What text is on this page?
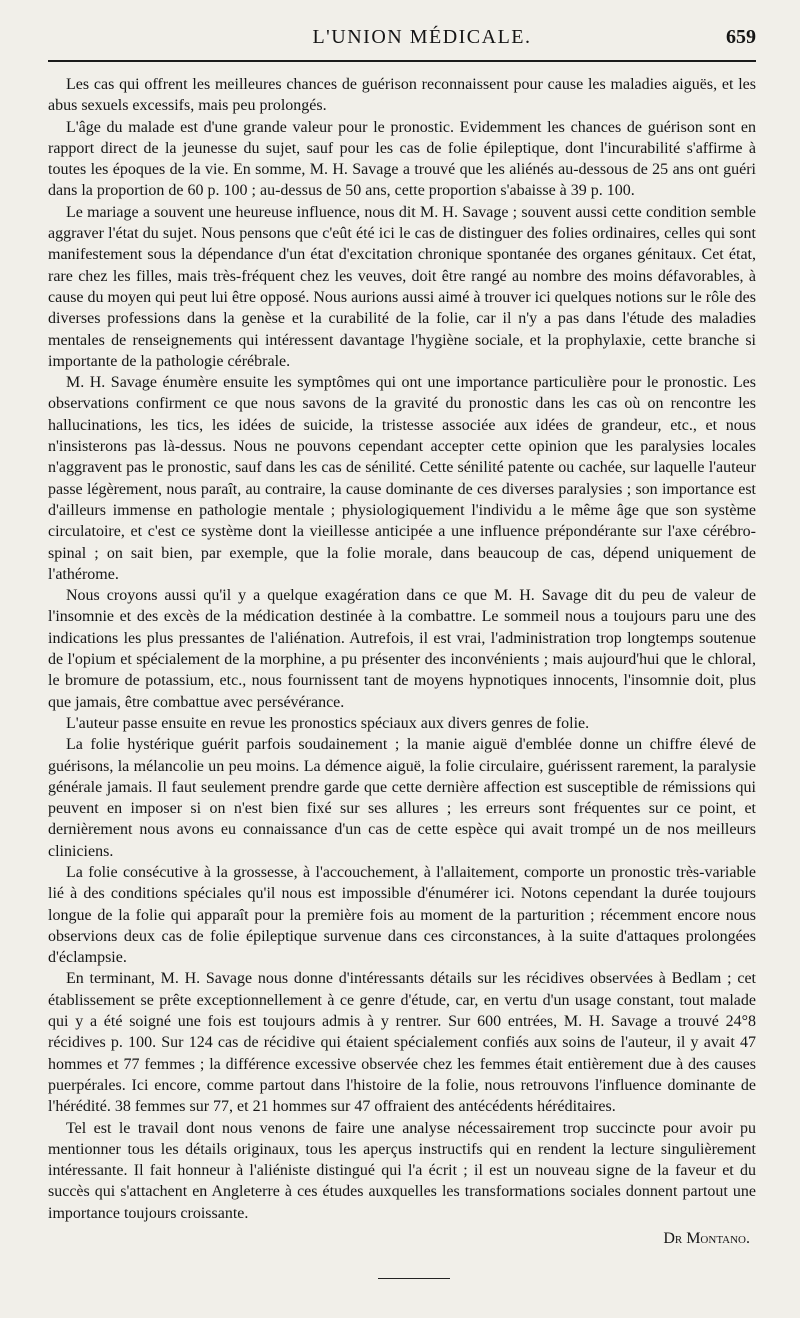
L'UNION MÉDICALE.	659

Les cas qui offrent les meilleures chances de guérison reconnaissent pour cause les maladies aiguës, et les abus sexuels excessifs, mais peu prolongés.

L'âge du malade est d'une grande valeur pour le pronostic. Evidemment les chances de guérison sont en rapport direct de la jeunesse du sujet, sauf pour les cas de folie épileptique, dont l'incurabilité s'affirme à toutes les époques de la vie. En somme, M. H. Savage a trouvé que les aliénés au-dessous de 25 ans ont guéri dans la proportion de 60 p. 100 ; au-dessus de 50 ans, cette proportion s'abaisse à 39 p. 100.

Le mariage a souvent une heureuse influence, nous dit M. H. Savage ; souvent aussi cette condition semble aggraver l'état du sujet. Nous pensons que c'eût été ici le cas de distinguer des folies ordinaires, celles qui sont manifestement sous la dépendance d'un état d'excitation chronique spontanée des organes génitaux. Cet état, rare chez les filles, mais très-fréquent chez les veuves, doit être rangé au nombre des moins défavorables, à cause du moyen qui peut lui être opposé. Nous aurions aussi aimé à trouver ici quelques notions sur le rôle des diverses professions dans la genèse et la curabilité de la folie, car il n'y a pas dans l'étude des maladies mentales de renseignements qui intéressent davantage l'hygiène sociale, et la prophylaxie, cette branche si importante de la pathologie cérébrale.

M. H. Savage énumère ensuite les symptômes qui ont une importance particulière pour le pronostic. Les observations confirment ce que nous savons de la gravité du pronostic dans les cas où on rencontre les hallucinations, les tics, les idées de suicide, la tristesse associée aux idées de grandeur, etc., et nous n'insisterons pas là-dessus. Nous ne pouvons cependant accepter cette opinion que les paralysies locales n'aggravent pas le pronostic, sauf dans les cas de sénilité. Cette sénilité patente ou cachée, sur laquelle l'auteur passe légèrement, nous paraît, au contraire, la cause dominante de ces diverses paralysies ; son importance est d'ailleurs immense en pathologie mentale ; physiologiquement l'individu a le même âge que son système circulatoire, et c'est ce système dont la vieillesse anticipée a une influence prépondérante sur l'axe cérébro-spinal ; on sait bien, par exemple, que la folie morale, dans beaucoup de cas, dépend uniquement de l'athérome.

Nous croyons aussi qu'il y a quelque exagération dans ce que M. H. Savage dit du peu de valeur de l'insomnie et des excès de la médication destinée à la combattre. Le sommeil nous a toujours paru une des indications les plus pressantes de l'aliénation. Autrefois, il est vrai, l'administration trop longtemps soutenue de l'opium et spécialement de la morphine, a pu présenter des inconvénients ; mais aujourd'hui que le chloral, le bromure de potassium, etc., nous fournissent tant de moyens hypnotiques innocents, l'insomnie doit, plus que jamais, être combattue avec persévérance.

L'auteur passe ensuite en revue les pronostics spéciaux aux divers genres de folie.

La folie hystérique guérit parfois soudainement ; la manie aiguë d'emblée donne un chiffre élevé de guérisons, la mélancolie un peu moins. La démence aiguë, la folie circulaire, guérissent rarement, la paralysie générale jamais. Il faut seulement prendre garde que cette dernière affection est susceptible de rémissions qui peuvent en imposer si on n'est bien fixé sur ses allures ; les erreurs sont fréquentes sur ce point, et dernièrement nous avons eu connaissance d'un cas de cette espèce qui avait trompé un de nos meilleurs cliniciens.

La folie consécutive à la grossesse, à l'accouchement, à l'allaitement, comporte un pronostic très-variable lié à des conditions spéciales qu'il nous est impossible d'énumérer ici. Notons cependant la durée toujours longue de la folie qui apparaît pour la première fois au moment de la parturition ; récemment encore nous observions deux cas de folie épileptique survenue dans ces circonstances, à la suite d'attaques prolongées d'éclampsie.

En terminant, M. H. Savage nous donne d'intéressants détails sur les récidives observées à Bedlam ; cet établissement se prête exceptionnellement à ce genre d'étude, car, en vertu d'un usage constant, tout malade qui y a été soigné une fois est toujours admis à y rentrer. Sur 600 entrées, M. H. Savage a trouvé 24°8 récidives p. 100. Sur 124 cas de récidive qui étaient spécialement confiés aux soins de l'auteur, il y avait 47 hommes et 77 femmes ; la différence excessive observée chez les femmes était entièrement due à des causes puerpérales. Ici encore, comme partout dans l'histoire de la folie, nous retrouvons l'influence dominante de l'hérédité. 38 femmes sur 77, et 21 hommes sur 47 offraient des antécédents héréditaires.

Tel est le travail dont nous venons de faire une analyse nécessairement trop succincte pour avoir pu mentionner tous les détails originaux, tous les aperçus instructifs qui en rendent la lecture singulièrement intéressante. Il fait honneur à l'aliéniste distingué qui l'a écrit ; il est un nouveau signe de la faveur et du succès qui s'attachent en Angleterre à ces études auxquelles les transformations sociales donnent partout une importance toujours croissante.

Dr Montano.
